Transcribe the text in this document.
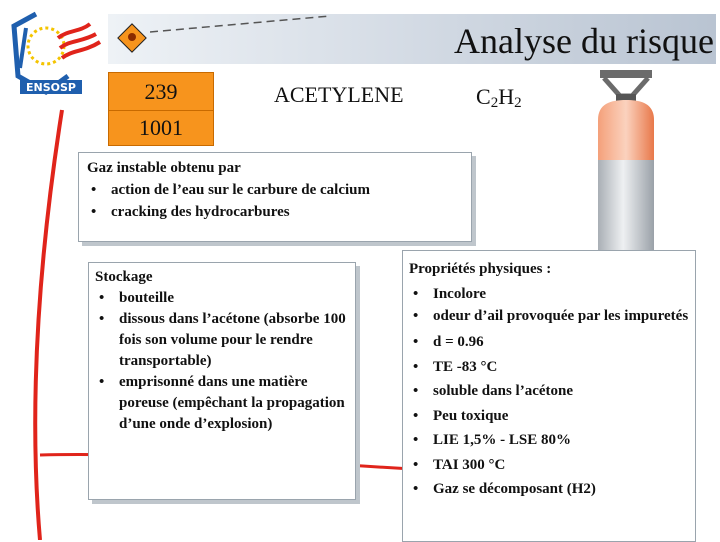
Analyse du risque
ENSOSP	239
1001
ACETYLENE	$C_2H_2$
Gaz instable obtenu par
• action de l’eau sur le carbure de calcium
• cracking des hydrocarbures
Stockage
• bouteille
• dissous dans l’acétone (absorbe 100 fois son volume pour le rendre transportable)
• emprisonné dans une matière poreuse (empêchant la propagation d’une onde d’explosion)
Propriétés physiques :
• Incolore
• odeur d’ail provoquée par les impuretés
• d = 0.96
• TE -83 °C
• soluble dans l’acétone
• Peu toxique
• LIE 1,5% - LSE 80%
• TAI 300 °C
• Gaz se décomposant (H2)
